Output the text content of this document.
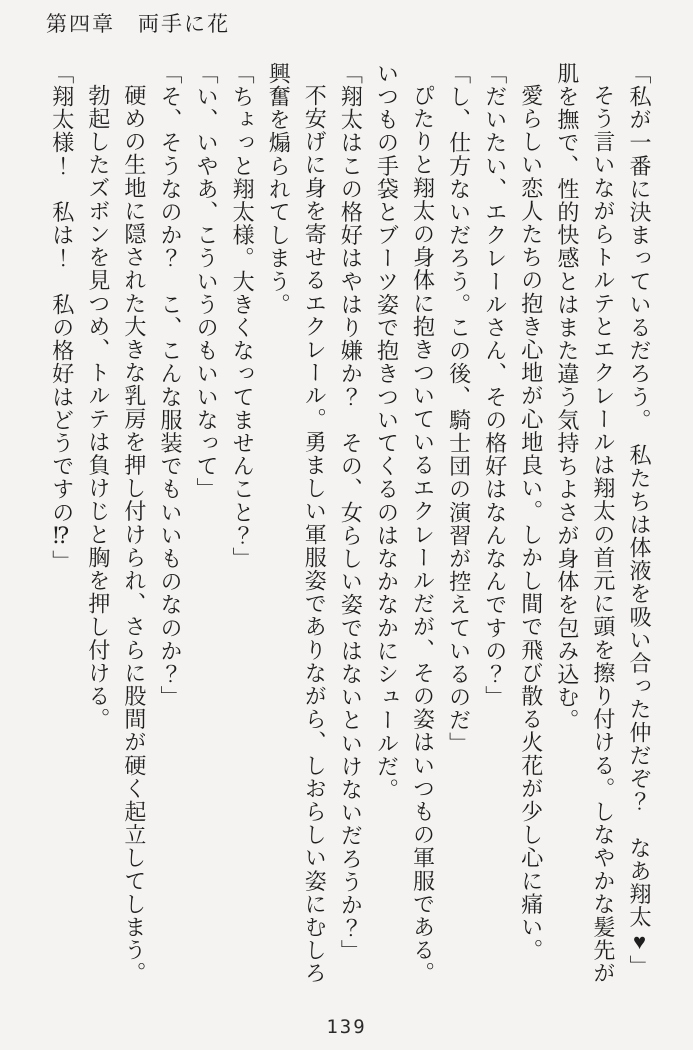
第四章　両手に花

「私が一番に決まっているだろう。　私たちは体液を吸い合った仲だぞ？　なあ翔太♥」

そう言いながらトルテとエクレールは翔太の首元に頭を擦り付ける。しなやかな髪先が肌を撫で、性的快感とはまた違う気持ちよさが身体を包み込む。

愛らしい恋人たちの抱き心地が心地良い。しかし間で飛び散る火花が少し心に痛い。

「だいたい、エクレールさん、その格好はなんなんですの？」

「し、仕方ないだろう。この後、騎士団の演習が控えているのだ」

ぴたりと翔太の身体に抱きついているエクレールだが、その姿はいつもの軍服である。いつもの手袋とブーツ姿で抱きついてくるのはなかなかにシュールだ。

「翔太はこの格好はやはり嫌か？　その、女らしい姿ではないといけないだろうか？」

不安げに身を寄せるエクレール。勇ましい軍服姿でありながら、しおらしい姿にむしろ興奮を煽られてしまう。

「ちょっと翔太様。大きくなってませんこと？」

「い、いやあ、こういうのもいいなって」

「そ、そうなのか？　こ、こんな服装でもいいものなのか？」

硬めの生地に隠された大きな乳房を押し付けられ、さらに股間が硬く起立してしまう。

勃起したズボンを見つめ、トルテは負けじと胸を押し付ける。

「翔太様！　私は！　私の格好はどうですの⁉」

139
